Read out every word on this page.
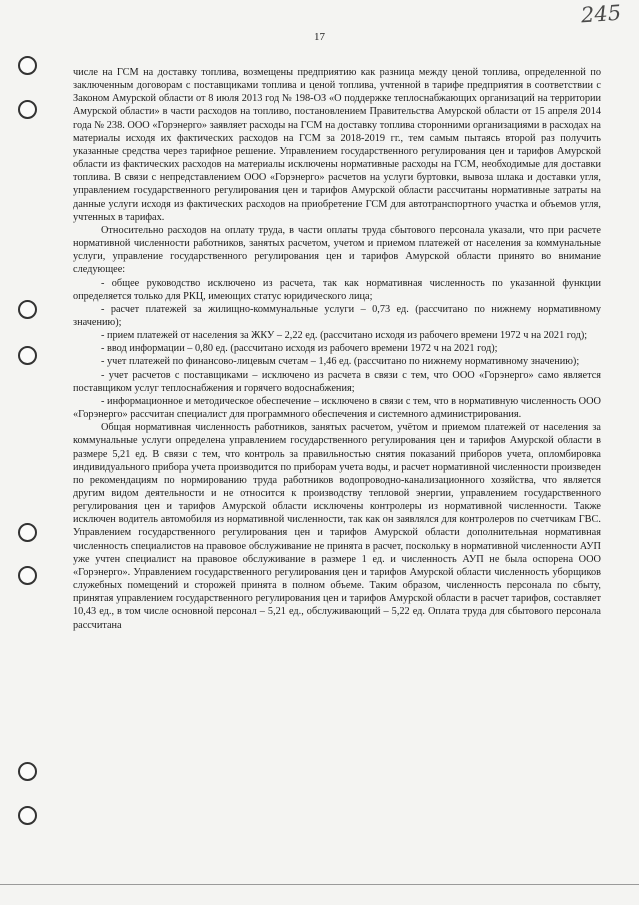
245
17

числе на ГСМ на доставку топлива, возмещены предприятию как разница между ценой топлива, определенной по заключенным договорам с поставщиками топлива и ценой топлива, учтенной в тарифе предприятия в соответствии с Законом Амурской области от 8 июля 2013 год № 198-ОЗ «О поддержке теплоснабжающих организаций на территории Амурской области» в части расходов на топливо, постановлением Правительства Амурской области от 15 апреля 2014 года № 238. ООО «Горэнерго» заявляет расходы на ГСМ на доставку топлива сторонними организациями в расходах на материалы исходя их фактических расходов на ГСМ за 2018-2019 гг., тем самым пытаясь второй раз получить указанные средства через тарифное решение. Управлением государственного регулирования цен и тарифов Амурской области из фактических расходов на материалы исключены нормативные расходы на ГСМ, необходимые для доставки топлива. В связи с непредставлением ООО «Горэнерго» расчетов на услуги буртовки, вывоза шлака и доставки угля, управлением государственного регулирования цен и тарифов Амурской области рассчитаны нормативные затраты на данные услуги исходя из фактических расходов на приобретение ГСМ для автотранспортного участка и объемов угля, учтенных в тарифах.

Относительно расходов на оплату труда, в части оплаты труда сбытового персонала указали, что при расчете нормативной численности работников, занятых расчетом, учетом и приемом платежей от населения за коммунальные услуги, управление государственного регулирования цен и тарифов Амурской области принято во внимание следующее:

- общее руководство исключено из расчета, так как нормативная численность по указанной функции определяется только для РКЦ, имеющих статус юридического лица;

- расчет платежей за жилищно-коммунальные услуги – 0,73 ед. (рассчитано по нижнему нормативному значению);

- прием платежей от населения за ЖКУ – 2,22 ед. (рассчитано исходя из рабочего времени 1972 ч на 2021 год);

- ввод информации – 0,80 ед. (рассчитано исходя из рабочего времени 1972 ч на 2021 год);

- учет платежей по финансово-лицевым счетам – 1,46 ед. (рассчитано по нижнему нормативному значению);

- учет расчетов с поставщиками – исключено из расчета в связи с тем, что ООО «Горэнерго» само является поставщиком услуг теплоснабжения и горячего водоснабжения;

- информационное и методическое обеспечение – исключено в связи с тем, что в нормативную численность ООО «Горэнерго» рассчитан специалист для программного обеспечения и системного администрирования.

Общая нормативная численность работников, занятых расчетом, учётом и приемом платежей от населения за коммунальные услуги определена управлением государственного регулирования цен и тарифов Амурской области в размере 5,21 ед. В связи с тем, что контроль за правильностью снятия показаний приборов учета, опломбировка индивидуального прибора учета производится по приборам учета воды, и расчет нормативной численности произведен по рекомендациям по нормированию труда работников водопроводно-канализационного хозяйства, что является другим видом деятельности и не относится к производству тепловой энергии, управлением государственного регулирования цен и тарифов Амурской области исключены контролеры из нормативной численности. Также исключен водитель автомобиля из нормативной численности, так как он заявлялся для контролеров по счетчикам ГВС. Управлением государственного регулирования цен и тарифов Амурской области дополнительная нормативная численность специалистов на правовое обслуживание не принята в расчет, поскольку в нормативной численности АУП уже учтен специалист на правовое обслуживание в размере 1 ед. и численность АУП не была оспорена ООО «Горэнерго». Управлением государственного регулирования цен и тарифов Амурской области численность уборщиков служебных помещений и сторожей принята в полном объеме. Таким образом, численность персонала по сбыту, принятая управлением государственного регулирования цен и тарифов Амурской области в расчет тарифов, составляет 10,43 ед., в том числе основной персонал – 5,21 ед., обслуживающий – 5,22 ед. Оплата труда для сбытового персонала рассчитана
